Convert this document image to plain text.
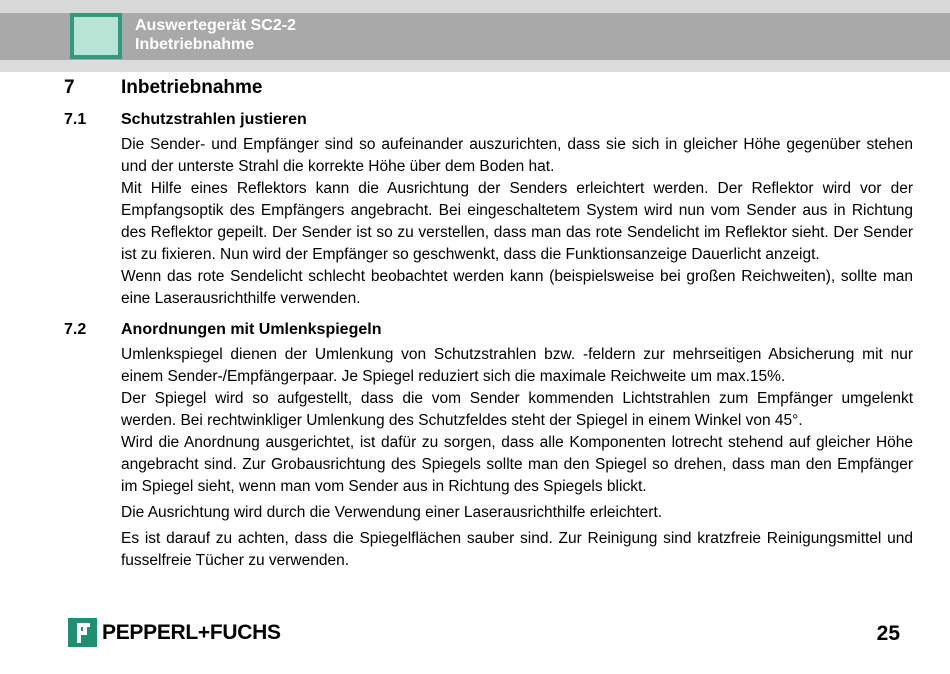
Auswertegerät SC2-2
Inbetriebnahme
7	Inbetriebnahme
7.1	Schutzstrahlen justieren

Die Sender- und Empfänger sind so aufeinander auszurichten, dass sie sich in gleicher Höhe gegenüber stehen und der unterste Strahl die korrekte Höhe über dem Boden hat.

Mit Hilfe eines Reflektors kann die Ausrichtung der Senders erleichtert werden. Der Reflektor wird vor der Empfangsoptik des Empfängers angebracht. Bei eingeschaltetem System wird nun vom Sender aus in Richtung des Reflektor gepeilt. Der Sender ist so zu verstellen, dass man das rote Sendelicht im Reflektor sieht. Der Sender ist zu fixieren. Nun wird der Empfänger so geschwenkt, dass die Funktionsanzeige Dauerlicht anzeigt.

Wenn das rote Sendelicht schlecht beobachtet werden kann (beispielsweise bei großen Reichweiten), sollte man eine Laserausrichthilfe verwenden.

7.2	Anordnungen mit Umlenkspiegeln

Umlenkspiegel dienen der Umlenkung von Schutzstrahlen bzw. -feldern zur mehrseitigen Absicherung mit nur einem Sender-/Empfängerpaar. Je Spiegel reduziert sich die maximale Reichweite um max.15%.

Der Spiegel wird so aufgestellt, dass die vom Sender kommenden Lichtstrahlen zum Empfänger umgelenkt werden. Bei rechtwinkliger Umlenkung des Schutzfeldes steht der Spiegel in einem Winkel von 45°.

Wird die Anordnung ausgerichtet, ist dafür zu sorgen, dass alle Komponenten lotrecht stehend auf gleicher Höhe angebracht sind. Zur Grobausrichtung des Spiegels sollte man den Spiegel so drehen, dass man den Empfänger im Spiegel sieht, wenn man vom Sender aus in Richtung des Spiegels blickt.

Die Ausrichtung wird durch die Verwendung einer Laserausrichthilfe erleichtert.

Es ist darauf zu achten, dass die Spiegelflächen sauber sind. Zur Reinigung sind kratzfreie Reinigungsmittel und fusselfreie Tücher zu verwenden.

PEPPERL+FUCHS	25
